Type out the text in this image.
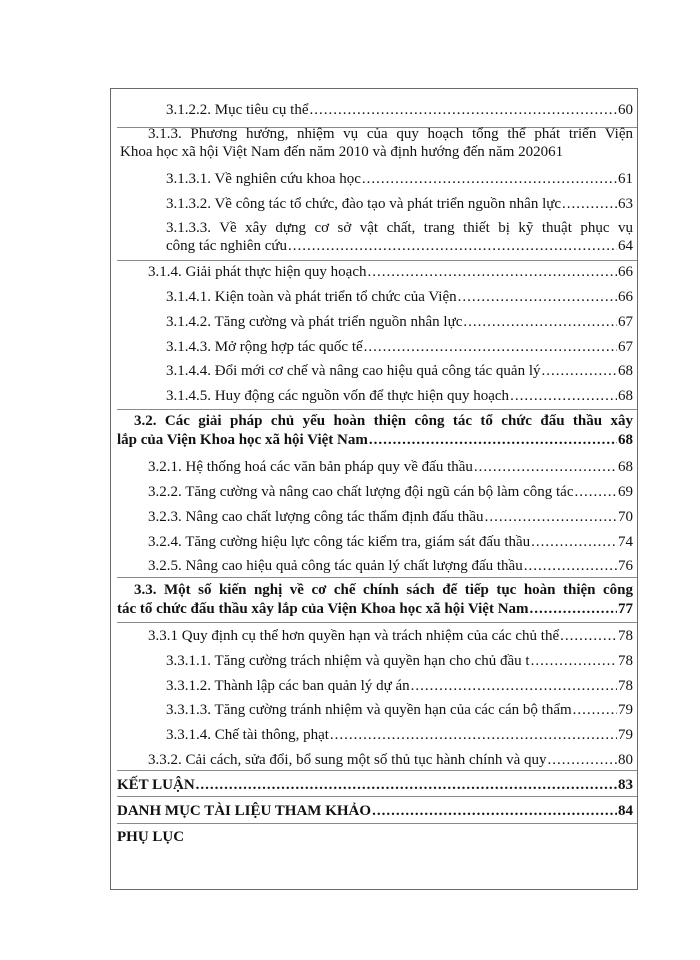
3.1.2.2. Mục tiêu cụ thể .....	60
3.1.3. Phương hướng, nhiệm vụ của quy hoạch tổng thể phát triển Viện
Khoa học xã hội Việt Nam đến năm 2010 và định hướng đến năm 202061
3.1.3.1. Về nghiên cứu khoa học .....	61
3.1.3.2. Về công tác tổ chức, đào tạo và phát triển nguồn nhân lực .....	63
3.1.3.3. Về xây dựng cơ sở vật chất, trang thiết bị kỹ thuật phục vụ
công tác nghiên cứu .....	64
3.1.4. Giải phát thực hiện quy hoạch .....	66
3.1.4.1. Kiện toàn và phát triển tổ chức của Viện .....	66
3.1.4.2. Tăng cường và phát triển nguồn nhân lực .....	67
3.1.4.3. Mở rộng hợp tác quốc tế .....	67
3.1.4.4. Đổi mới cơ chế và nâng cao hiệu quả công tác quản lý .....	68
3.1.4.5. Huy động các nguồn vốn để thực hiện quy hoạch .....	68
3.2. Các giải pháp chủ yếu hoàn thiện công tác tổ chức đấu thầu xây
lắp của Viện Khoa học xã hội Việt Nam .....	68
3.2.1. Hệ thống hoá các văn bản pháp quy về đấu thầu .....	68
3.2.2. Tăng cường và nâng cao chất lượng đội ngũ cán bộ làm công tác .....	69
3.2.3. Nâng cao chất lượng công tác thẩm định đấu thầu .....	70
3.2.4. Tăng cường hiệu lực công tác kiểm tra, giám sát đấu thầu .....	74
3.2.5. Nâng cao hiệu quả công tác quản lý chất lượng đấu thầu .....	76
3.3. Một số kiến nghị về cơ chế chính sách để tiếp tục hoàn thiện công
tác tổ chức đấu thầu xây lắp của Viện Khoa học xã hội Việt Nam .....	77
3.3.1 Quy định cụ thể hơn quyền hạn và trách nhiệm của các chủ thể .....	78
3.3.1.1. Tăng cường trách nhiệm và quyền hạn cho chủ đầu t .....	78
3.3.1.2. Thành lập các ban quản lý dự án .....	78
3.3.1.3. Tăng cường tránh nhiệm và quyền hạn của các cán bộ thẩm .....	79
3.3.1.4. Chế tài thông, phạt .....	79
3.3.2. Cải cách, sửa đổi, bổ sung một số thủ tục hành chính và quy .....	80
KẾT LUẬN .....	83
DANH MỤC TÀI LIỆU THAM KHẢO .....	84
PHỤ LỤC
